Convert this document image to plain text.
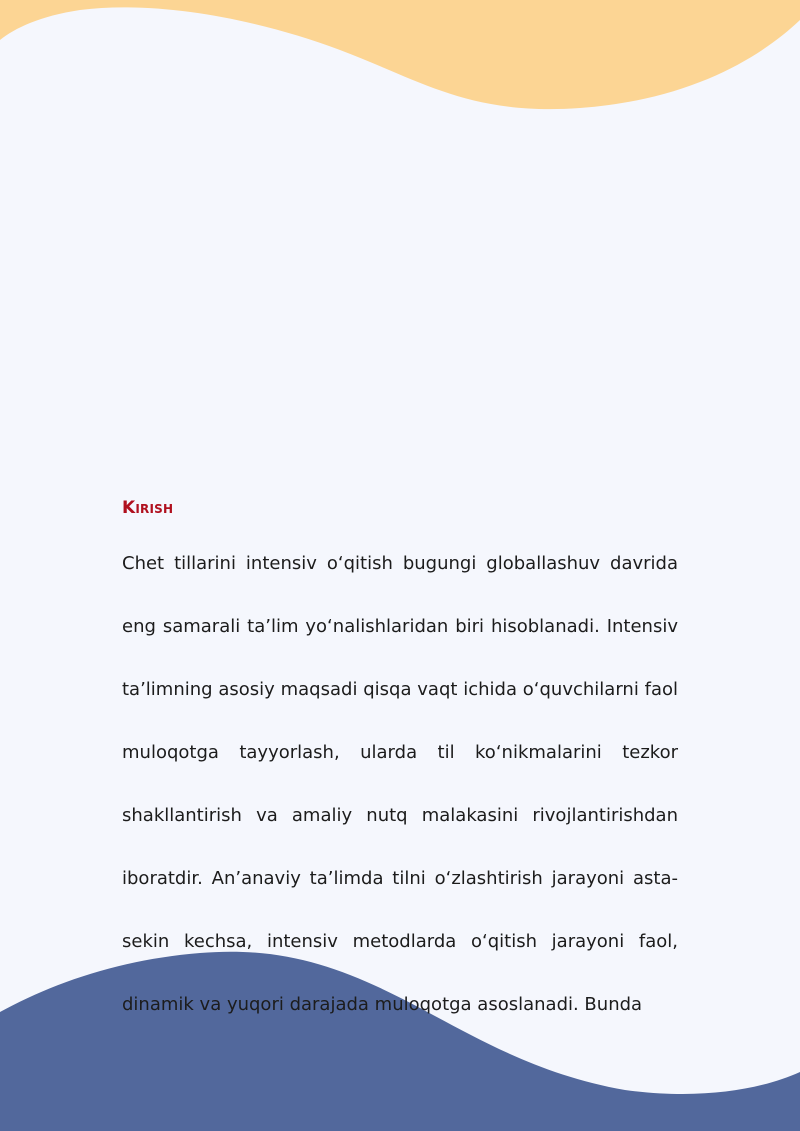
Kirish

Chet tillarini intensiv o‘qitish bugungi globallashuv davrida eng samarali ta’lim yo‘nalishlaridan biri hisoblanadi. Intensiv ta’limning asosiy maqsadi qisqa vaqt ichida o‘quvchilarni faol muloqotga tayyorlash, ularda til ko‘nikmalarini tezkor shakllantirish va amaliy nutq malakasini rivojlantirishdan iboratdir. An’anaviy ta’limda tilni o‘zlashtirish jarayoni asta-sekin kechsa, intensiv metodlarda o‘qitish jarayoni faol, dinamik va yuqori darajada muloqotga asoslanadi. Bunda
